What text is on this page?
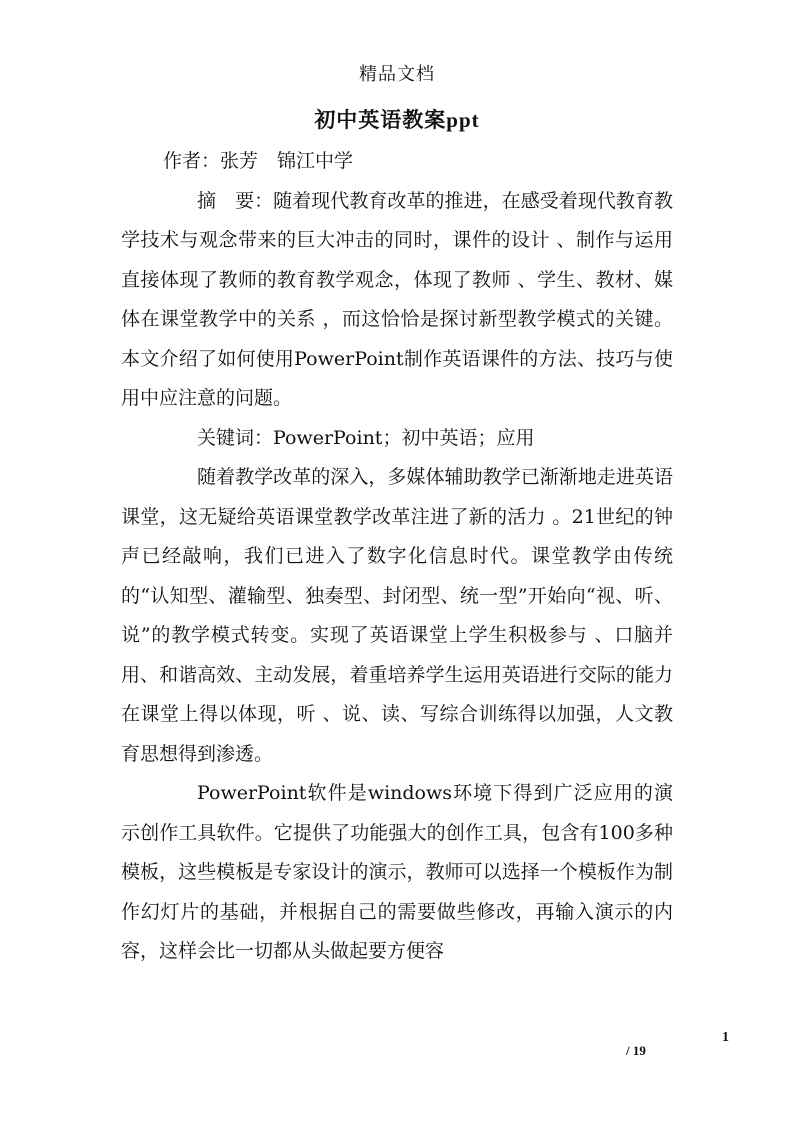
精品文档
初中英语教案ppt

作者：张芳　锦江中学

摘　要：随着现代教育改革的推进，在感受着现代教育教学技术与观念带来的巨大冲击的同时，课件的设计 、制作与运用直接体现了教师的教育教学观念，体现了教师 、学生、教材、媒体在课堂教学中的关系 ，而这恰恰是探讨新型教学模式的关键。本文介绍了如何使用PowerPoint制作英语课件的方法、技巧与使用中应注意的问题。

关键词：PowerPoint；初中英语；应用

随着教学改革的深入，多媒体辅助教学已渐渐地走进英语课堂，这无疑给英语课堂教学改革注进了新的活力 。21世纪的钟声已经敲响，我们已进入了数字化信息时代。课堂教学由传统的“认知型、灌输型、独奏型、封闭型、统一型”开始向“视、听、说”的教学模式转变。实现了英语课堂上学生积极参与 、口脑并用、和谐高效、主动发展，着重培养学生运用英语进行交际的能力在课堂上得以体现，听 、说、读、写综合训练得以加强，人文教育思想得到渗透。

PowerPoint软件是windows环境下得到广泛应用的演示创作工具软件。它提供了功能强大的创作工具，包含有100多种模板，这些模板是专家设计的演示，教师可以选择一个模板作为制作幻灯片的基础，并根据自己的需要做些修改，再输入演示的内容，这样会比一切都从头做起要方便容

1
/ 19
